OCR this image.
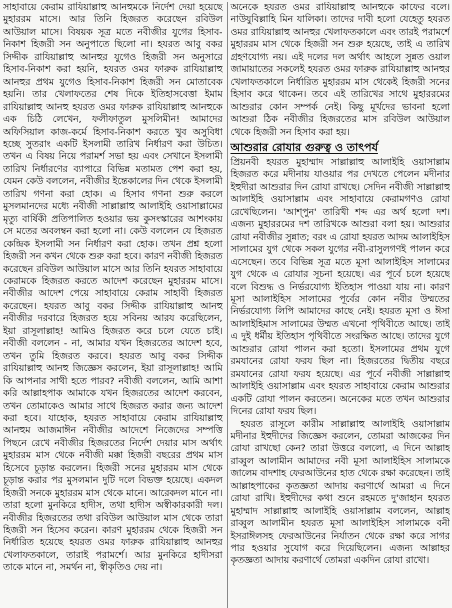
সাহাবায়ে কেরাম রাযিয়াল্লাহু আনহুমকে নির্দেশ দেয়া হয়েছে মুহাররম মাসে। আর তিনি হিজরত করেছেন রবিউল আউয়াল মাসে। বিষয়ক সূত্র মতে নবীজীর যুগের হিসাব-নিকাশ হিজরী সন অনুপাতে ছিলো না। হযরত আবু বকর সিদ্দীক রাযিয়াল্লাহু আনহুর যুগেও হিজরী সন অনুসারে হিসাব-নিকাশ করা হয়নি, হযরত ওমর ফারুক রাযিয়াল্লাহু আনহুর প্রথম যুগেও হিসাব-নিকাশ হিজরী সন মোতাবেক হয়নি। তার খেলাফতের শেষ দিকে ইতিহাসবেত্তা ইমাম রাযিয়াল্লাহু আনহু হযরত ওমর ফারুক রাযিয়াল্লাহু আনহুকে এক চিঠি লেখেন, ফলীফাতুল মুসলিমীন! আমাদের অফিসিয়াল কাজ-কর্মে হিসাব-নিকাশ করতে খুব অসুবিধা হচ্ছে সুতরাং একটি ইসলামী তারিখ নির্ধারণ করা উচিত। তখন এ বিষয় নিয়ে পরামর্শ সভা হয় এবং সেখানে ইসলামী তারিখ নির্ধারণের ব্যাপারে বিভিন্ন মতামত পেশ করা হয়, যেমন কেউ বললেন, নবীজীর ইন্তেকালের দিন থেকে ইসলামী তারিখ গণনা করা হোক। এ হিসাব গণনা শুরু করলে মুসলমানদের মধ্যে নবীজী সাল্লাল্লাহু আলাইহি ওয়াসাল্লামের মৃত্যু বার্ষিকী প্রতিপালিত হওয়ার ভয় কুসংস্কারের আশংকায় সে মতের অবলম্বন করা হলো না। কেউ বললেন যে হিজরত কেন্দ্রিক ইসলামী সন নির্ধারণ করা হোক। তখন প্রশ্ন হলো হিজরী সন কখন থেকে শুরু করা হবে। কারণ নবীজী হিজরত করেছেন রবিউল আউয়াল মাসে আর তিনি হযরত সাহাবায়ে কেরামকে হিজরত করতে আদেশ করেছেন মুহাররম মাসে। নবীজীর আদেশ পেয়ে সাহাবায়ে কেরাম সাহাবী হিজরত করেছেন। হযরত আবু বকর সিদ্দীক রাযিয়াল্লাহু আনহু নবীজীর দরবারে হিজরত হয়ে সবিনয় আরয করেছিলেন, ইয়া রাসূলাল্লাহ! আমিও হিজরত করে চলে যেতে চাই। নবীজী বললেন - না, আমার যখন হিজরতের আদেশ হবে, তখন তুমি হিজরত করবে। হযরত আবু বকর সিদ্দীক রাযিয়াল্লাহু আনহু জিজ্ঞেস করলেন, ইয়া রাসূলাল্লাহ! আমি কি আপনার সাথী হতে পারব? নবীজী বললেন, আমি আশা করি আল্লাহপাক আমাকে যখন হিজরতের আদেশ করবেন, তখন তোমাকেও আমার সাথে হিজরত করার জন্য আদেশ করা হবে। যাহোক, হযরত সাহাবায়ে কেরাম রাযিয়াল্লাহু আনহুম আজমাঈন নবীজীর আদেশে নিজেদের সম্পত্তি পিছনে রেখে নবীজীর হিজরতের নির্দেশ দেয়ার মাস অর্থাৎ মুহাররম মাস থেকে নবীজী মক্কা হিজরী বছরের প্রথম মাস হিসেবে চূড়ান্ত করলেন। হিজরী সনের মুহাররম মাস থেকে চূড়ান্ত করার পর মুসলমান দুটি দলে বিভক্ত হয়েছে। একদল হিজরী সনকে মুহাররম মাস থেকে মানে। আরেকদল মানে না। তারা হলো মুনকিরে হাদীস, তথা হাদীস অস্বীকারকারী দল। নবীজীর হিজরতের তথা রবিউল আউয়াল মাস থেকে তারা হিজরী সন হিসেব করেন। কারণ মুহাররম থেকে হিজরী সন নির্ধারিত হয়েছে হযরত ওমর ফারুক রাযিয়াল্লাহু আনহুর খেলাফতকালে, তারাই পরামর্শে। আর মুনকিরে হাদীসরা তাকে মানে না, সমর্থন না, স্বীকৃতিও দেয় না।

অনেকে হযরত ওমর রাযিয়াল্লাহু আনহুকে কাফের বলে। নাউযুবিল্লাহি মিন যালিকা। তাদের দাবী হলো যেহেতু হযরত ওমর রাযিয়াল্লাহু আনহুর খেলাফতকালে এবং তারই পরামর্শে মুহাররম মাস থেকে হিজরী সন শুরু হয়েছে, তাই এ তারিখ গ্রহণযোগ্য নয়। এই দলের দল অর্থাৎ আহলে সুন্নত ওয়াল জামায়াতের সকলেই হযরত ওমর ফারুক রাযিয়াল্লাহু আনহুর খেলাফতকালে নির্ধারিত মুহাররম মাস থেকেই হিজরী সনের হিসাব করে থাকেন। তবে এই তারিখের সাথে মুহাররমের আশুরার কোন সম্পর্ক নেই। কিছু মূর্খদের ভাবনা হলো আশুরা ঠিক নবীজীর হিজরতের মাস রবিউল আউয়াল থেকে হিজরী সন হিসাব করা হয়।

আশুরার রোযার গুরুত্ব ও তাৎপর্য

প্রিয়নবী হযরত মুহাম্মাদ সাল্লাল্লাহু আলাইহি ওয়াসাল্লাম হিজরত করে মদীনায় যাওয়ার পর দেখতে পেলেন মদীনার ইহুদীরা আশুরার দিন রোযা রাখছে। সেদিন নবীজী সাল্লাল্লাহু আলাইহি ওয়াসাল্লাম এবং সাহাবায়ে কেরামগণও রোযা রেখেছিলেন। 'আশ্পুন' তারিখী শব্দ এর অর্থ হলো দশ। এজন্য মুহাররমের দশ তারিখকে আশুরা বলা হয়। আশুরার রোযা নবীজীর সুন্নাত; বরং এ রোযা হযরত আদম আলাইহিস সালামের যুগ থেকে সকল যুগের নবী-রাসুলগণই পালন করে এসেছেন। তবে বিভিন্ন সূত্র মতে মূসা আলাইহিস সালামের যুগ থেকে এ রোযার সূচনা হয়েছে। এর পূর্বে চলে হয়েছে বলে বিশুদ্ধ ও নির্ভরযোগ্য ইতিহাস পাওয়া যায় না। কারণ মূসা আলাইহিস সালামের পূর্বের কোন নবীর উম্মতের নির্ভরযোগ্য লিপি আমাদের কাছে নেই। হযরত মূসা ও ঈসা আলাইহিমাস সালামের উম্মত এখনো পৃথিবীতে আছে। তাই এ দুই ধর্মীয় ইতিহাস পৃথিবীতে সংরক্ষিত আছে। তাদের যুগে আশুরার রোযা পালন করা হতো। ইসলামের প্রথম যুগে রমযানের রোযা ফরয ছিল না। হিজরতের দ্বিতীয় বছরে রমযানের রোযা ফরয হয়েছে। এর পূর্বে নবীজী সাল্লাল্লাহু আলাইহি ওয়াসাল্লাম এবং হযরত সাহাবায়ে কেরাম আশুরার একটি রোযা পালন করতেন। অনেকের মতে তখন আশুরার দিনের রোযা ফরয ছিল।

হযরত রাসূলে কারীম সাল্লাল্লাহু আলাইহি ওয়াসাল্লাম মদীনার ইহুদীদের জিজ্ঞেস করলেন, তোমরা আজকের দিন রোযা রাখছো কেন? তারা উত্তরে বললো, এ দিনে আল্লাহ রাব্বুল আলামীন আমাদের নবী মূসা আলাইহিস সালামকে জালেম বাদশাহ ফেরআউনের হাত থেকে রক্ষা করেছেন। তাই আল্লাহপাকের কৃতজ্ঞতা আদায় করণার্থে আমরা এ দিনে রোযা রাখি। ইহুদীদের কথা শুনে রহমতে দু'জাহান হযরত মুহাম্মাদ সাল্লাল্লাহু আলাইহি ওয়াসাল্লাম বললেন, আল্লাহ রাব্বুল আলামীন হযরত মূসা আলাইহিস সালামকে বনী ইসরাঈলসহ ফেরআউনের নির্যাতন থেকে রক্ষা করে সাগর পার হওয়ার সুযোগ করে দিয়েছিলেন। এজন্য আল্লাহর কৃতজ্ঞতা আদায় করণার্থে তোমরা একদিন রোযা রাখো।
